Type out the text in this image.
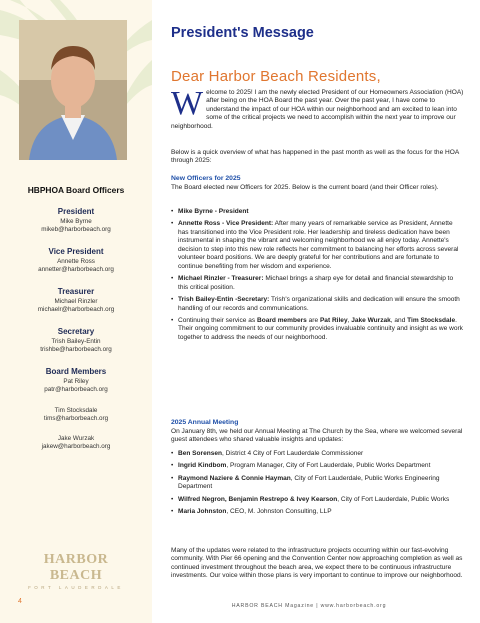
HBPHOA Board Officers
President
Mike Byrne
mikeb@harborbeach.org
Vice President
Annette Ross
annetter@harborbeach.org
Treasurer
Michael Rinzler
michaelr@harborbeach.org
Secretary
Trish Bailey-Entin
trishbe@harborbeach.org
Board Members
Pat Riley
patr@harborbeach.org
Tim Stocksdale
tims@harborbeach.org
Jake Wurzak
jakew@harborbeach.org
HARBOR BEACH
FORT LAUDERDALE
President's Message
Dear Harbor Beach Residents,
W elcome to 2025! I am the newly elected President of our Homeowners Association (HOA) after being on the HOA Board the past year. Over the past year, I have come to understand the impact of our HOA within our neighborhood and am excited to lean into some of the critical projects we need to accomplish within the next year to improve our neighborhood.
Below is a quick overview of what has happened in the past month as well as the focus for the HOA through 2025:
New Officers for 2025
The Board elected new Officers for 2025. Below is the current board (and their Officer roles).
• Mike Byrne - President
• Annette Ross - Vice President: After many years of remarkable service as President, Annette has transitioned into the Vice President role. Her leadership and tireless dedication have been instrumental in shaping the vibrant and welcoming neighborhood we all enjoy today. Annette's decision to step into this new role reflects her commitment to balancing her efforts across several volunteer board positions. We are deeply grateful for her contributions and are fortunate to continue benefiting from her wisdom and experience.
• Michael Rinzler - Treasurer: Michael brings a sharp eye for detail and financial stewardship to this critical position.
• Trish Bailey-Entin -Secretary: Trish's organizational skills and dedication will ensure the smooth handling of our records and communications.
• Continuing their service as Board members are Pat Riley, Jake Wurzak, and Tim Stocksdale. Their ongoing commitment to our community provides invaluable continuity and insight as we work together to address the needs of our neighborhood.
2025 Annual Meeting
On January 8th, we held our Annual Meeting at The Church by the Sea, where we welcomed several guest attendees who shared valuable insights and updates:
• Ben Sorensen, District 4 City of Fort Lauderdale Commissioner
• Ingrid Kindbom, Program Manager, City of Fort Lauderdale, Public Works Department
• Raymond Naziere & Connie Hayman, City of Fort Lauderdale, Public Works Engineering Department
• Wilfred Negron, Benjamin Restrepo & Ivey Kearson, City of Fort Lauderdale, Public Works
• Maria Johnston, CEO, M. Johnston Consulting, LLP
Many of the updates were related to the infrastructure projects occurring within our fast-evolving community. With Pier 66 opening and the Convention Center now approaching completion as well as continued investment throughout the beach area, we expect there to be continuous infrastructure investments. Our voice within those plans is very important to continue to improve our neighborhood.
4
HARBOR BEACH Magazine | www.harborbeach.org
